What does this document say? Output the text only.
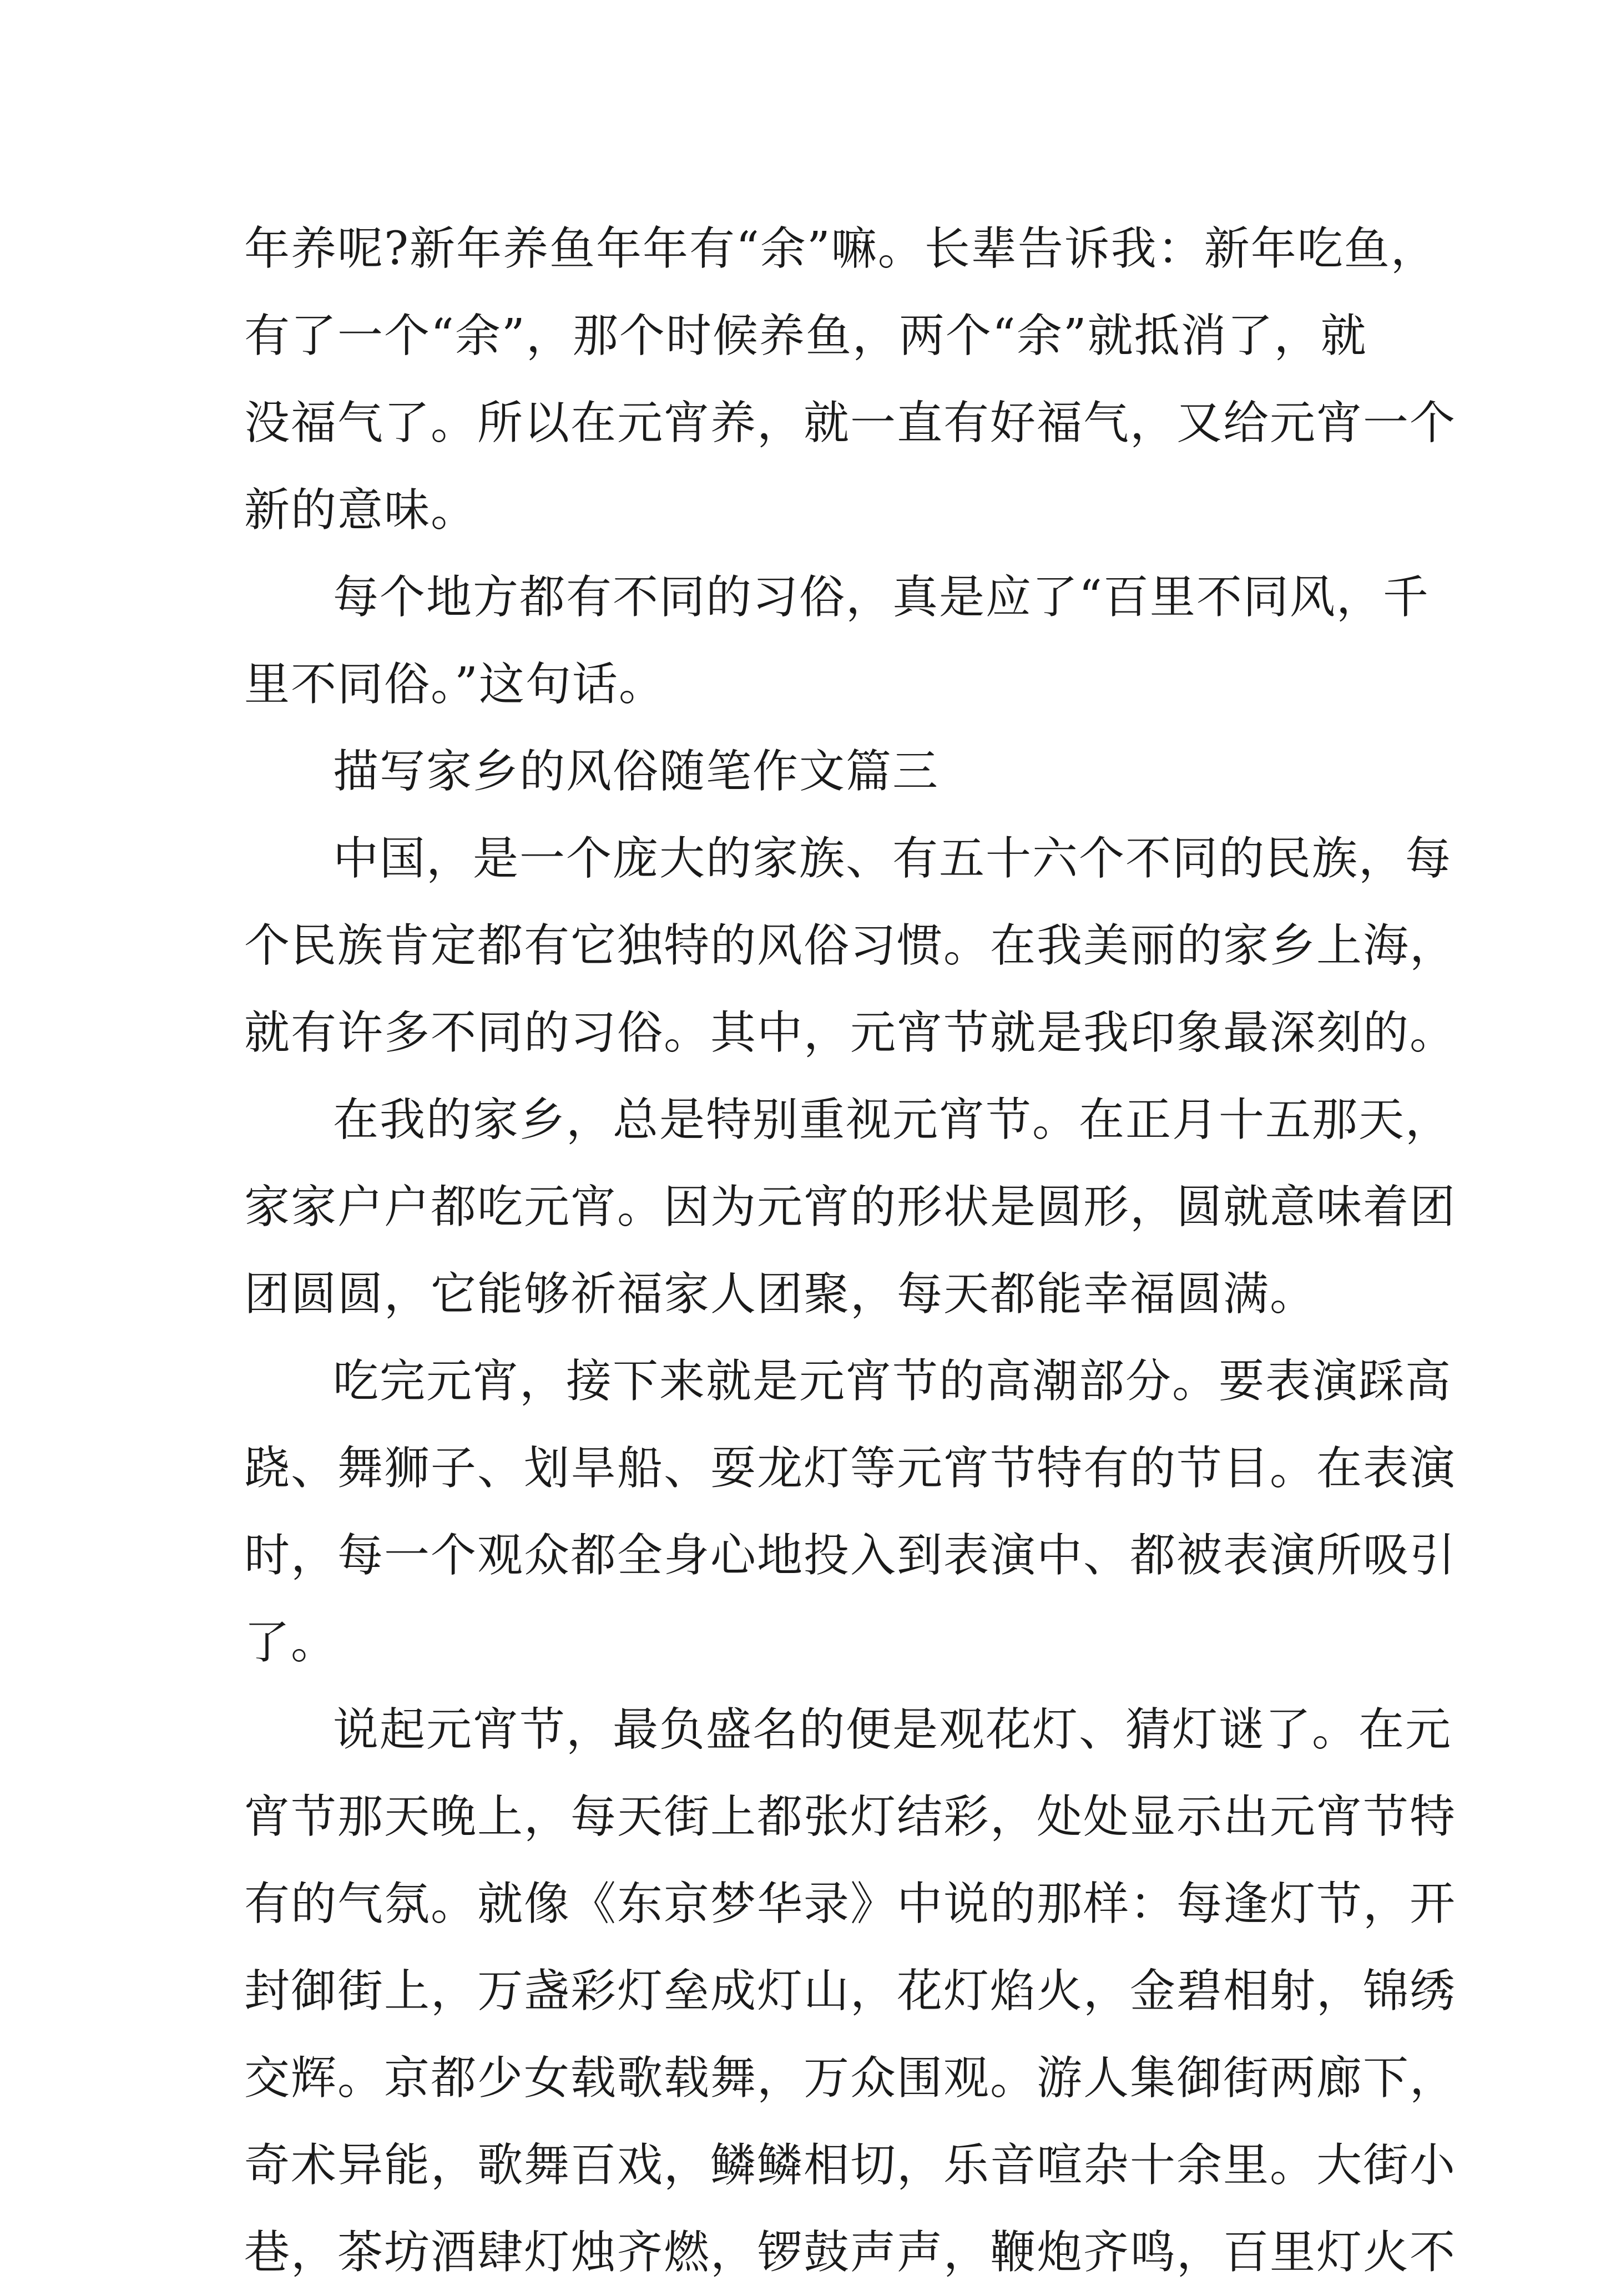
年养呢?新年养鱼年年有“余”嘛。长辈告诉我：新年吃鱼，
有了一个“余”，那个时候养鱼，两个“余”就抵消了，就
没福气了。所以在元宵养，就一直有好福气，又给元宵一个
新的意味。
每个地方都有不同的习俗，真是应了“百里不同风，千
里不同俗。”这句话。
描写家乡的风俗随笔作文篇三
中国，是一个庞大的家族、有五十六个不同的民族，每
个民族肯定都有它独特的风俗习惯。在我美丽的家乡上海，
就有许多不同的习俗。其中，元宵节就是我印象最深刻的。
在我的家乡，总是特别重视元宵节。在正月十五那天，
家家户户都吃元宵。因为元宵的形状是圆形，圆就意味着团
团圆圆，它能够祈福家人团聚，每天都能幸福圆满。
吃完元宵，接下来就是元宵节的高潮部分。要表演踩高
跷、舞狮子、划旱船、耍龙灯等元宵节特有的节目。在表演
时，每一个观众都全身心地投入到表演中、都被表演所吸引
了。
说起元宵节，最负盛名的便是观花灯、猜灯谜了。在元
宵节那天晚上，每天街上都张灯结彩，处处显示出元宵节特
有的气氛。就像《东京梦华录》中说的那样：每逢灯节，开
封御街上，万盏彩灯垒成灯山，花灯焰火，金碧相射，锦绣
交辉。京都少女载歌载舞，万众围观。游人集御街两廊下，
奇术异能，歌舞百戏，鳞鳞相切，乐音喧杂十余里。大街小
巷，茶坊酒肆灯烛齐燃，锣鼓声声，鞭炮齐鸣，百里灯火不
